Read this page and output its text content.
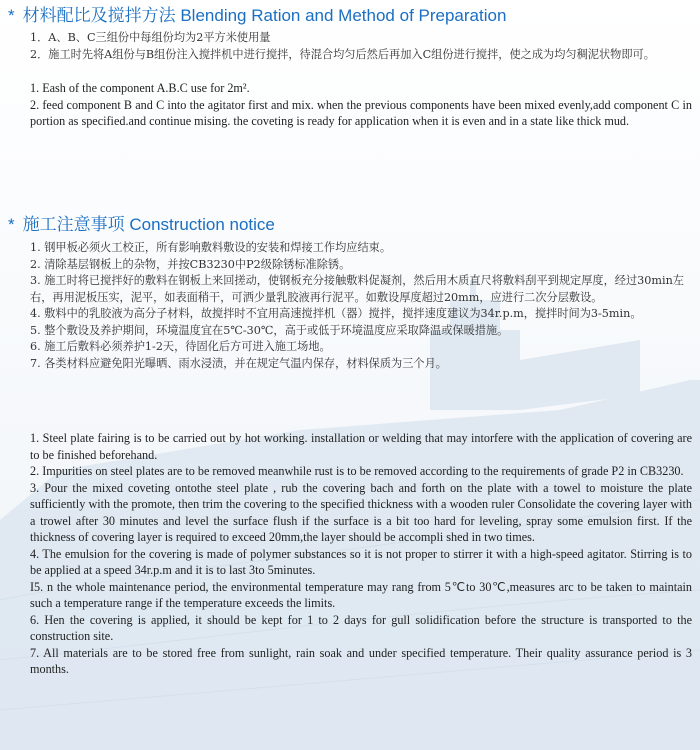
* 材料配比及搅拌方法 Blending Ration and Method of Preparation

1．A、B、C三组份中每组份均为2平方米使用量

2．施工时先将A组份与B组份注入搅拌机中进行搅拌，待混合均匀后然后再加入C组份进行搅拌，使之成为均匀稠泥状物即可。

1. Eash of the component A.B.C use for 2m².

2. feed component B and C into the agitator first and mix. when the previous components have been mixed evenly,add component C in portion as specified.and continue mising. the coveting is ready for application when it is even and in a state like thick mud.

* 施工注意事项 Construction notice

1. 钢甲板必须火工校正，所有影响敷料敷设的安装和焊接工作均应结束。

2. 清除基层钢板上的杂物，并按CB3230中P2级除锈标准除锈。

3. 施工时将已搅拌好的敷料在钢板上来回搓动，使钢板充分接触敷料促凝剂，然后用木质直尺将敷料刮平到规定厚度，经过30min左右，再用泥板压实，泥平，如表面稍干，可洒少量乳胶液再行泥平。如敷设厚度超过20mm，应进行二次分层敷设。

4. 敷料中的乳胶液为高分子材料，故搅拌时不宜用高速搅拌机（器）搅拌，搅拌速度建议为34r.p.m，搅拌时间为3-5min。

5. 整个敷设及养护期间，环境温度宜在5℃-30℃，高于或低于环境温度应采取降温或保暖措施。

6. 施工后敷料必须养护1-2天，待固化后方可进入施工场地。

7. 各类材料应避免阳光曝晒、雨水浸渍，并在规定气温内保存，材料保质为三个月。

1. Steel plate fairing is to be carried out by hot working. installation or welding that may intorfere with the application of covering are to be finished beforehand.

2. Impurities on steel plates are to be removed meanwhile rust is to be removed according to the requirements of grade P2 in CB3230.

3. Pour the mixed coveting ontothe steel plate , rub the covering bach and forth on the plate with a towel to moisture the plate sufficiently with the promote, then trim the covering to the specified thickness with a wooden ruler Consolidate the covering layer with a trowel after 30 minutes and level the surface flush if the surface is a bit too hard for leveling, spray some emulsion first. If the thickness of covering layer is required to exceed 20mm,the layer should be accompli shed in two times.

4. The emulsion for the covering is made of polymer substances so it is not proper to stirrer it with a high-speed agitator. Stirring is to be applied at a speed 34r.p.m and it is to last 3to 5minutes.

I5. n the whole maintenance period, the environmental temperature may rang from 5℃to 30℃,measures arc to be taken to maintain such a temperature range if the temperature exceeds the limits.

6. Hen the covering is applied, it should be kept for 1 to 2 days for gull solidification before the structure is transported to the construction site.

7. All materials are to be stored free from sunlight, rain soak and under specified temperature. Their quality assurance period is 3 months.
